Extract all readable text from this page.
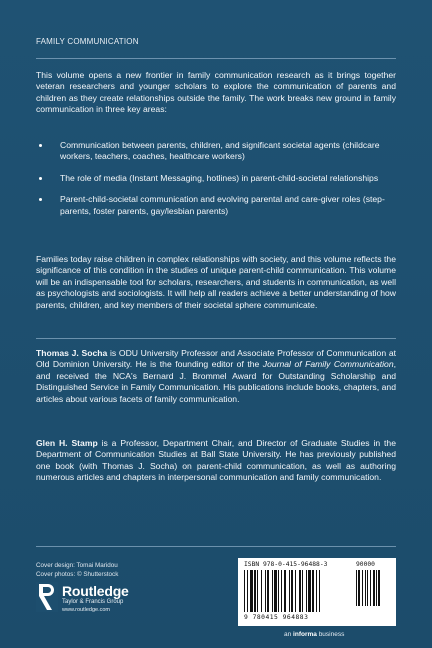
FAMILY COMMUNICATION

This volume opens a new frontier in family communication research as it brings together veteran researchers and younger scholars to explore the communication of parents and children as they create relationships outside the family. The work breaks new ground in family communication in three key areas:

Communication between parents, children, and significant societal agents (childcare workers, teachers, coaches, healthcare workers)
The role of media (Instant Messaging, hotlines) in parent-child-societal relationships
Parent-child-societal communication and evolving parental and care-giver roles (step-parents, foster parents, gay/lesbian parents)

Families today raise children in complex relationships with society, and this volume reflects the significance of this condition in the studies of unique parent-child communication. This volume will be an indispensable tool for scholars, researchers, and students in communication, as well as psychologists and sociologists. It will help all readers achieve a better understanding of how parents, children, and key members of their societal sphere communicate.

Thomas J. Socha is ODU University Professor and Associate Professor of Communication at Old Dominion University. He is the founding editor of the Journal of Family Communication, and received the NCA's Bernard J. Brommel Award for Outstanding Scholarship and Distinguished Service in Family Communication. His publications include books, chapters, and articles about various facets of family communication.

Glen H. Stamp is a Professor, Department Chair, and Director of Graduate Studies in the Department of Communication Studies at Ball State University. He has previously published one book (with Thomas J. Socha) on parent-child communication, as well as authoring numerous articles and chapters in interpersonal communication and family communication.

Cover design: Tomai Maridou
Cover photos: © Shutterstock
Routledge
Taylor & Francis Group
www.routledge.com
ISBN 978-0-415-96488-3	90000
9 780415 964883
an informa business
